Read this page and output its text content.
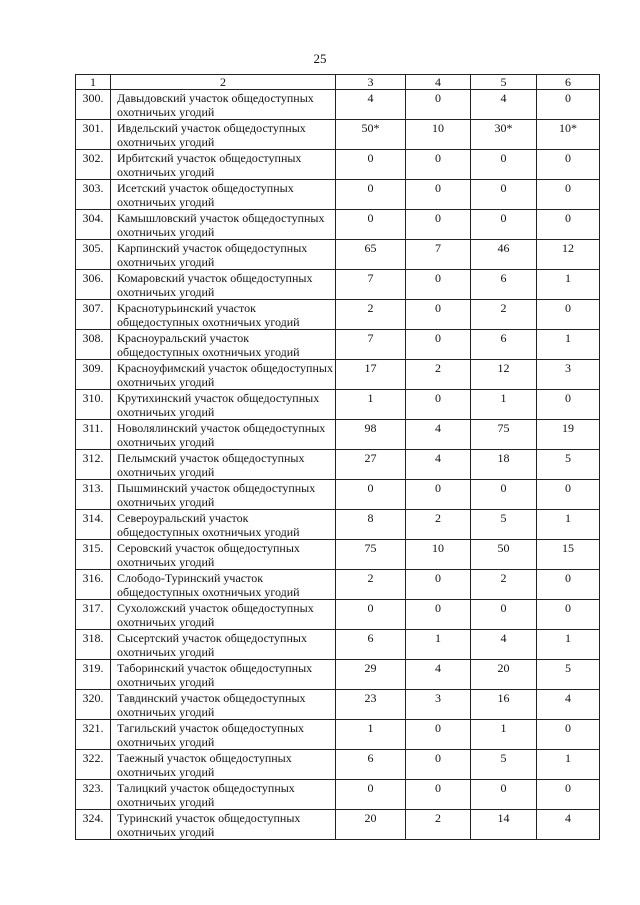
25
1	2	3	4	5	6
300.	Давыдовский участок общедоступных охотничьих угодий	4	0	4	0
301.	Ивдельский участок общедоступных охотничьих угодий	50*	10	30*	10*
302.	Ирбитский участок общедоступных охотничьих угодий	0	0	0	0
303.	Исетский участок общедоступных охотничьих угодий	0	0	0	0
304.	Камышловский участок общедоступных охотничьих угодий	0	0	0	0
305.	Карпинский участок общедоступных охотничьих угодий	65	7	46	12
306.	Комаровский участок общедоступных охотничьих угодий	7	0	6	1
307.	Краснотурьинский участок общедоступных охотничьих угодий	2	0	2	0
308.	Красноуральский участок общедоступных охотничьих угодий	7	0	6	1
309.	Красноуфимский участок общедоступных охотничьих угодий	17	2	12	3
310.	Крутихинский участок общедоступных охотничьих угодий	1	0	1	0
311.	Новолялинский участок общедоступных охотничьих угодий	98	4	75	19
312.	Пелымский участок общедоступных охотничьих угодий	27	4	18	5
313.	Пышминский участок общедоступных охотничьих угодий	0	0	0	0
314.	Североуральский участок общедоступных охотничьих угодий	8	2	5	1
315.	Серовский участок общедоступных охотничьих угодий	75	10	50	15
316.	Слободо-Туринский участок общедоступных охотничьих угодий	2	0	2	0
317.	Сухоложский участок общедоступных охотничьих угодий	0	0	0	0
318.	Сысертский участок общедоступных охотничьих угодий	6	1	4	1
319.	Таборинский участок общедоступных охотничьих угодий	29	4	20	5
320.	Тавдинский участок общедоступных охотничьих угодий	23	3	16	4
321.	Тагильский участок общедоступных охотничьих угодий	1	0	1	0
322.	Таежный участок общедоступных охотничьих угодий	6	0	5	1
323.	Талицкий участок общедоступных охотничьих угодий	0	0	0	0
324.	Туринский участок общедоступных охотничьих угодий	20	2	14	4
